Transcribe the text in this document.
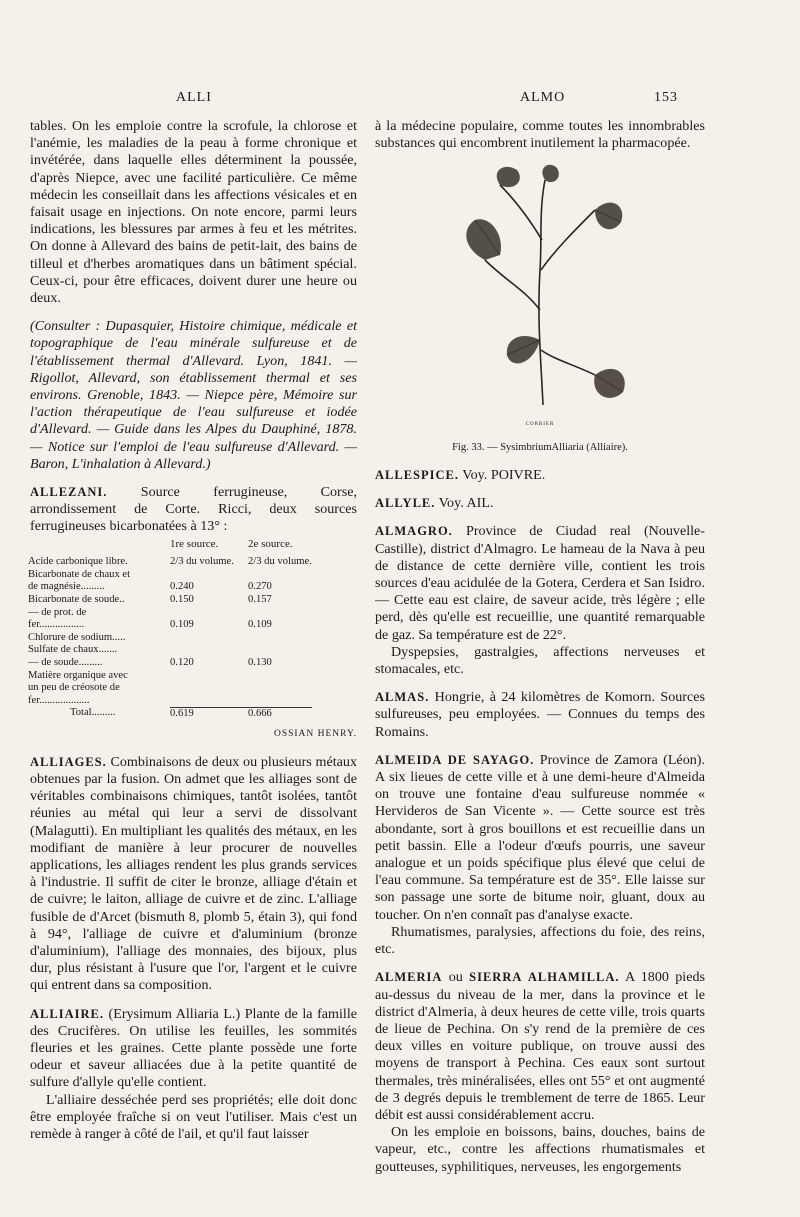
ALLI	ALMO	153

tables. On les emploie contre la scrofule, la chlorose et l'anémie, les maladies de la peau à forme chronique et invétérée, dans laquelle elles déterminent la poussée, d'après Niepce, avec une facilité particulière. Ce même médecin les conseillait dans les affections vésicales et en faisait usage en injections. On note encore, parmi leurs indications, les blessures par armes à feu et les métrites. On donne à Allevard des bains de petit-lait, des bains de tilleul et d'herbes aromatiques dans un bâtiment spécial. Ceux-ci, pour être efficaces, doivent durer une heure ou deux.

(Consulter : Dupasquier, Histoire chimique, médicale et topographique de l'eau minérale sulfureuse et de l'établissement thermal d'Allevard. Lyon, 1841. — Rigollot, Allevard, son établissement thermal et ses environs. Grenoble, 1843. — Niepce père, Mémoire sur l'action thérapeutique de l'eau sulfureuse et iodée d'Allevard. — Guide dans les Alpes du Dauphiné, 1878. — Notice sur l'emploi de l'eau sulfureuse d'Allevard. — Baron, L'inhalation à Allevard.)

ALLEZANI. Source ferrugineuse, Corse, arrondissement de Corte. Ricci, deux sources ferrugineuses bicarbonatées à 13° :

	1re source.	2e source.
Acide carbonique libre.	2/3 du volume.	2/3 du volume.
Bicarbonate de chaux et		
de magnésie.........	0.240	0.270
Bicarbonate de soude..	0.150	0.157
— de prot. de		
fer.................	0.109	0.109
Chlorure de sodium.....		
Sulfate de chaux.......		
— de soude.........	0.120	0.130
Matière organique avec		
un peu de créosote de		
fer...................		
Total.........	0.619	0.666
OSSIAN HENRY.

ALLIAGES. Combinaisons de deux ou plusieurs métaux obtenues par la fusion. On admet que les alliages sont de véritables combinaisons chimiques, tantôt isolées, tantôt réunies au métal qui leur a servi de dissolvant (Malagutti). En multipliant les qualités des métaux, en les modifiant de manière à leur procurer de nouvelles applications, les alliages rendent les plus grands services à l'industrie. Il suffit de citer le bronze, alliage d'étain et de cuivre; le laiton, alliage de cuivre et de zinc. L'alliage fusible de d'Arcet (bismuth 8, plomb 5, étain 3), qui fond à 94°, l'alliage de cuivre et d'aluminium (bronze d'aluminium), l'alliage des monnaies, des bijoux, plus dur, plus résistant à l'usure que l'or, l'argent et le cuivre qui entrent dans sa composition.

ALLIAIRE. (Erysimum Alliaria L.) Plante de la famille des Crucifères. On utilise les feuilles, les sommités fleuries et les graines. Cette plante possède une forte odeur et saveur alliacées due à la petite quantité de sulfure d'allyle qu'elle contient.

L'alliaire desséchée perd ses propriétés; elle doit donc être employée fraîche si on veut l'utiliser. Mais c'est un remède à ranger à côté de l'ail, et qu'il faut laisser

à la médecine populaire, comme toutes les innombrables substances qui encombrent inutilement la pharmacopée.

CORBIER
Fig. 33. — SysimbriumAlliaria (Alliaire).

ALLESPICE. Voy. POIVRE.

ALLYLE. Voy. AIL.

ALMAGRO. Province de Ciudad real (Nouvelle-Castille), district d'Almagro. Le hameau de la Nava à peu de distance de cette dernière ville, contient les trois sources d'eau acidulée de la Gotera, Cerdera et San Isidro. — Cette eau est claire, de saveur acide, très légère ; elle perd, dès qu'elle est recueillie, une quantité remarquable de gaz. Sa température est de 22°.

Dyspepsies, gastralgies, affections nerveuses et stomacales, etc.

ALMAS. Hongrie, à 24 kilomètres de Komorn. Sources sulfureuses, peu employées. — Connues du temps des Romains.

ALMEIDA DE SAYAGO. Province de Zamora (Léon). A six lieues de cette ville et à une demi-heure d'Almeida on trouve une fontaine d'eau sulfureuse nommée « Hervideros de San Vicente ». — Cette source est très abondante, sort à gros bouillons et est recueillie dans un petit bassin. Elle a l'odeur d'œufs pourris, une saveur analogue et un poids spécifique plus élevé que celui de l'eau commune. Sa température est de 35°. Elle laisse sur son passage une sorte de bitume noir, gluant, doux au toucher. On n'en connaît pas d'analyse exacte.

Rhumatismes, paralysies, affections du foie, des reins, etc.

ALMERIA ou SIERRA ALHAMILLA. A 1800 pieds au-dessus du niveau de la mer, dans la province et le district d'Almeria, à deux heures de cette ville, trois quarts de lieue de Pechina. On s'y rend de la première de ces deux villes en voiture publique, on trouve aussi des moyens de transport à Pechina. Ces eaux sont surtout thermales, très minéralisées, elles ont 55° et ont augmenté de 3 degrés depuis le tremblement de terre de 1865. Leur débit est aussi considérablement accru.

On les emploie en boissons, bains, douches, bains de vapeur, etc., contre les affections rhumatismales et goutteuses, syphilitiques, nerveuses, les engorgements
